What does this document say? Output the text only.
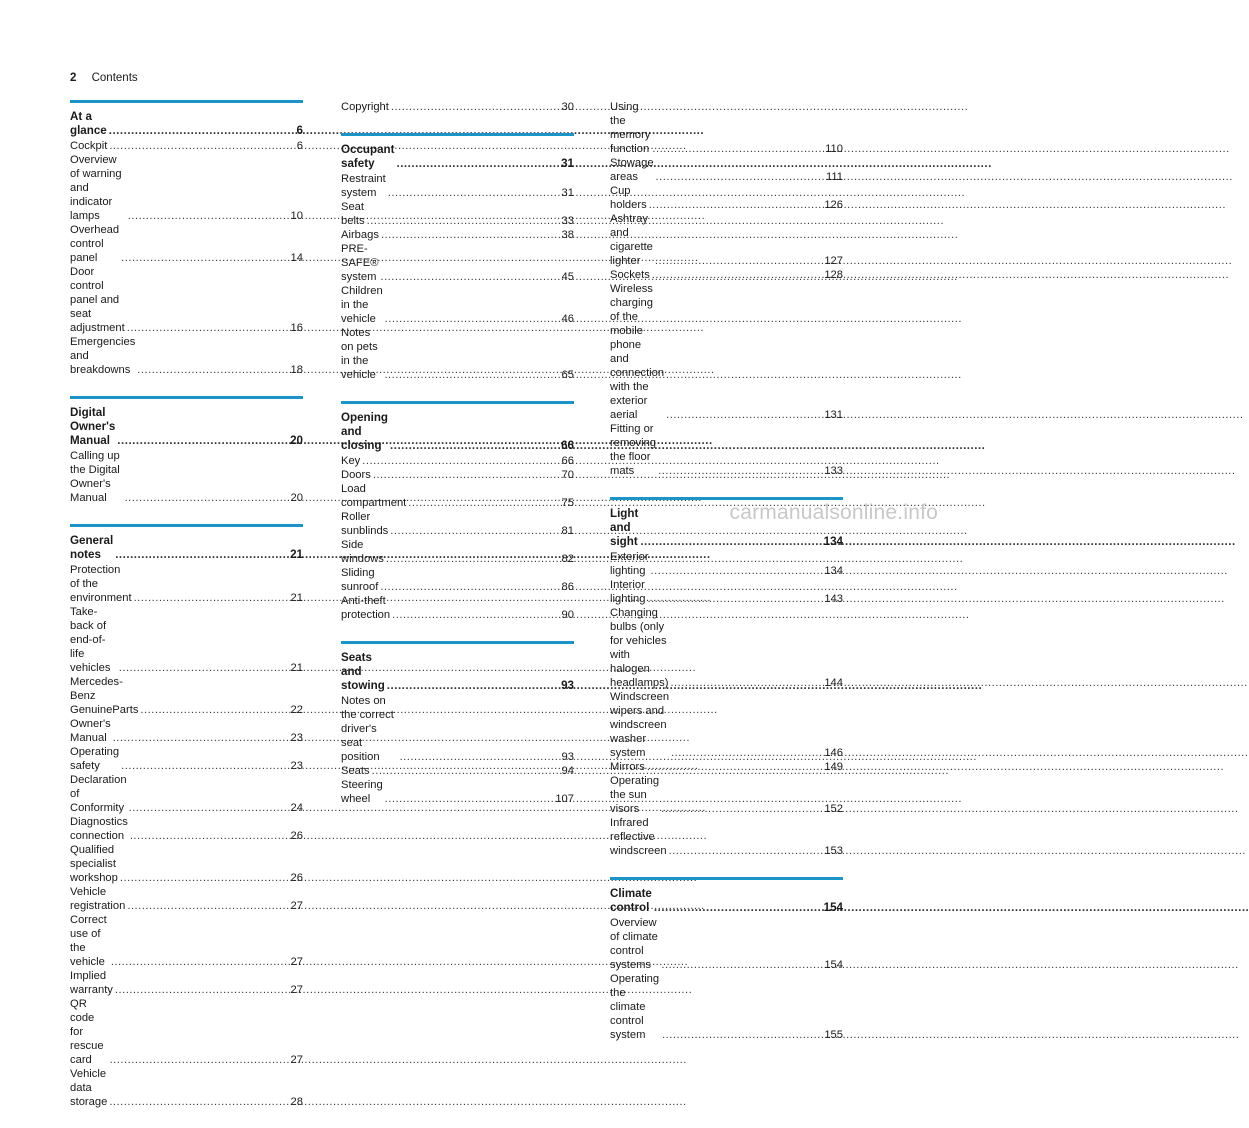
2 Contents
At a glance .....	6
Cockpit .....	6
Overview of warning and indicator lamps .....	10
Overhead control panel .....	14
Door control panel and seat adjustment .....	16
Emergencies and breakdowns .....	18
Digital Owner's Manual .....	20
Calling up the Digital Owner's Manual .....	20
General notes .....	21
Protection of the environment .....	21
Take-back of end-of-life vehicles .....	21
Mercedes-Benz GenuineParts .....	22
Owner's Manual .....	23
Operating safety .....	23
Declaration of Conformity .....	24
Diagnostics connection .....	26
Qualified specialist workshop .....	26
Vehicle registration .....	27
Correct use of the vehicle .....	27
Implied warranty .....	27
QR code for rescue card .....	27
Vehicle data storage .....	28
Copyright .....	30
Occupant safety .....	31
Restraint system .....	31
Seat belts .....	33
Airbags .....	38
PRE-SAFE® system .....	45
Children in the vehicle .....	46
Notes on pets in the vehicle .....	65
Opening and closing .....	66
Key .....	66
Doors .....	70
Load compartment .....	75
Roller sunblinds .....	81
Side windows .....	82
Sliding sunroof .....	86
Anti-theft protection .....	90
Seats and stowing .....	93
Notes on the correct driver's seat position .....	93
Seats .....	94
Steering wheel .....	107
Using the memory function .....	110
Stowage areas .....	111
Cup holders .....	126
Ashtray and cigarette lighter .....	127
Sockets .....	128
Wireless charging of the mobile phone
and connection with the exterior aerial .....	131
Fitting or removing the floor mats .....	133
Light and sight .....	134
Exterior lighting .....	134
Interior lighting .....	143
Changing bulbs (only for vehicles with
halogen headlamps) .....	144
Windscreen wipers and windscreen
washer system .....	146
Mirrors .....	149
Operating the sun visors .....	152
Infrared reflective windscreen .....	153
Climate control .....	154
Overview of climate control systems .....	154
Operating the climate control system .....	155
carmanualsonline.info
